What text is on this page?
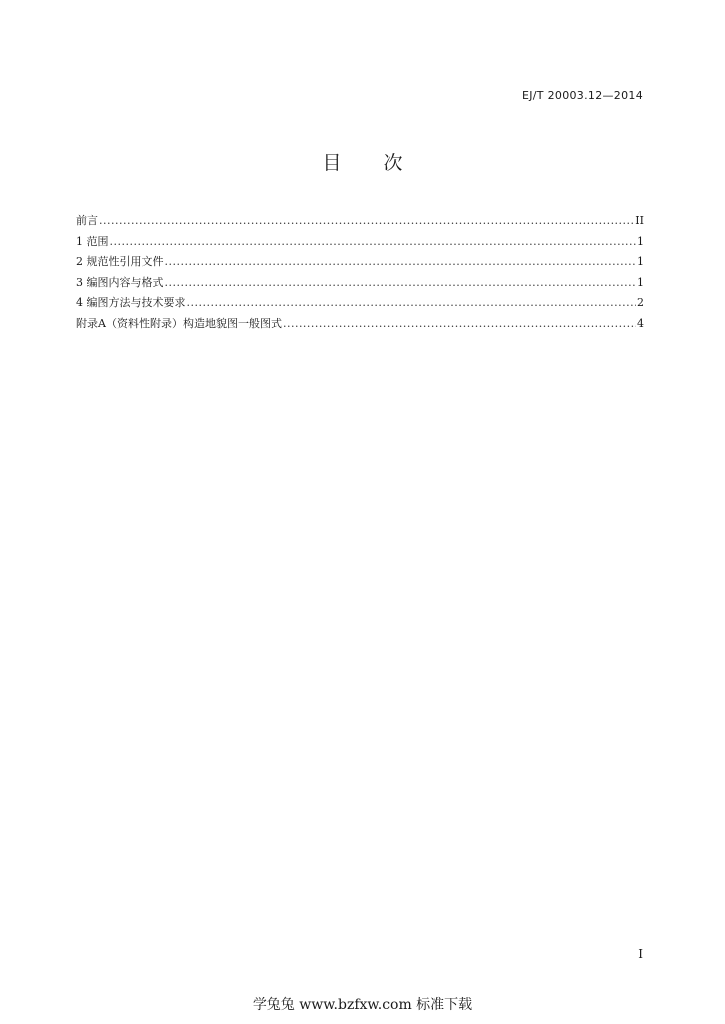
EJ/T 20003.12—2014
目 次
前言 .....	II
1 范围 .....	1
2 规范性引用文件 .....	1
3 编图内容与格式 .....	1
4 编图方法与技术要求 .....	2
附录A（资料性附录）构造地貌图一般图式 .....	4
I
学兔兔 www.bzfxw.com 标准下载
